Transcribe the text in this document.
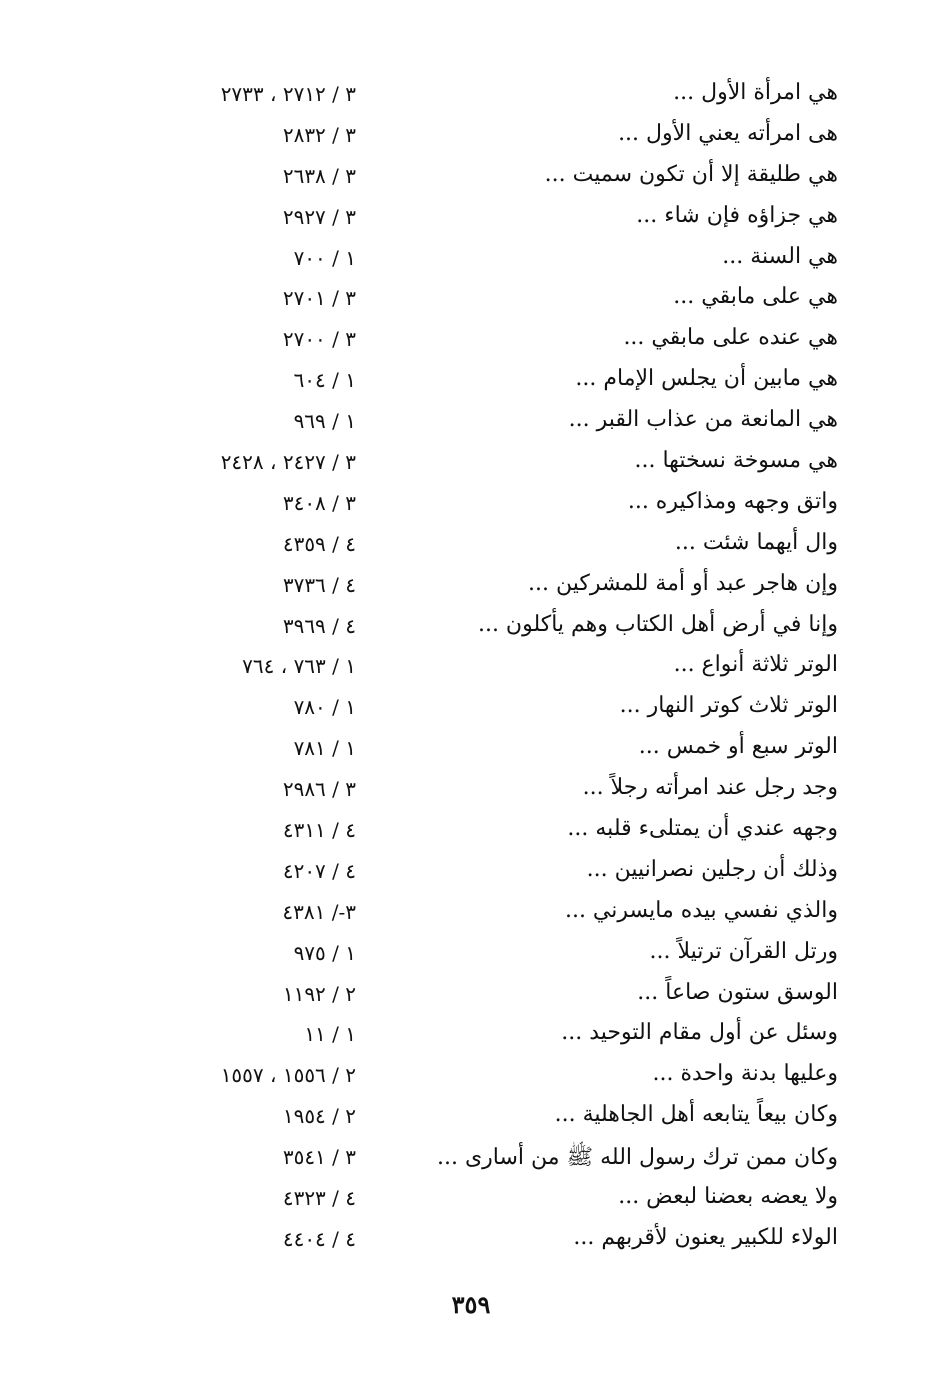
هي امرأة الأول ...
٣ / ٢٧١٢ ، ٢٧٣٣
هى امرأته يعني الأول ...
٣ / ٢٨٣٢
هي طليقة إلا أن تكون سميت ...
٣ / ٢٦٣٨
هي جزاؤه فإن شاء ...
٣ / ٢٩٢٧
هي السنة ...
١ / ٧٠٠
هي على مابقي ...
٣ / ٢٧٠١
هي عنده على مابقي ...
٣ / ٢٧٠٠
هي مابين أن يجلس الإمام ...
١ / ٦٠٤
هي المانعة من عذاب القبر ...
١ / ٩٦٩
هي مسوخة نسختها ...
٣ / ٢٤٢٧ ، ٢٤٢٨
واتق وجهه ومذاكيره ...
٣ / ٣٤٠٨
وال أيهما شئت ...
٤ / ٤٣٥٩
وإن هاجر عبد أو أمة للمشركين ...
٤ / ٣٧٣٦
وإنا في أرض أهل الكتاب وهم يأكلون ...
٤ / ٣٩٦٩
الوتر ثلاثة أنواع ...
١ / ٧٦٣ ، ٧٦٤
الوتر ثلاث كوتر النهار ...
١ / ٧٨٠
الوتر سبع أو خمس ...
١ / ٧٨١
وجد رجل عند امرأته رجلاً ...
٣ / ٢٩٨٦
وجهه عندي أن يمتلىء قلبه ...
٤ / ٤٣١١
وذلك أن رجلين نصرانيين ...
٤ / ٤٢٠٧
والذي نفسي بيده مايسرني ...
٣-/ ٤٣٨١
ورتل القرآن ترتيلاً ...
١ / ٩٧٥
الوسق ستون صاعاً ...
٢ / ١١٩٢
وسئل عن أول مقام التوحيد ...
١ / ١١
وعليها بدنة واحدة ...
٢ / ١٥٥٦ ، ١٥٥٧
وكان بيعاً يتابعه أهل الجاهلية ...
٢ / ١٩٥٤
وكان ممن ترك رسول الله ﷺ من أسارى ...
٣ / ٣٥٤١
ولا يعضه بعضنا لبعض ...
٤ / ٤٣٢٣
الولاء للكبير يعنون لأقربهم ...
٤ / ٤٤٠٤
٣٥٩
